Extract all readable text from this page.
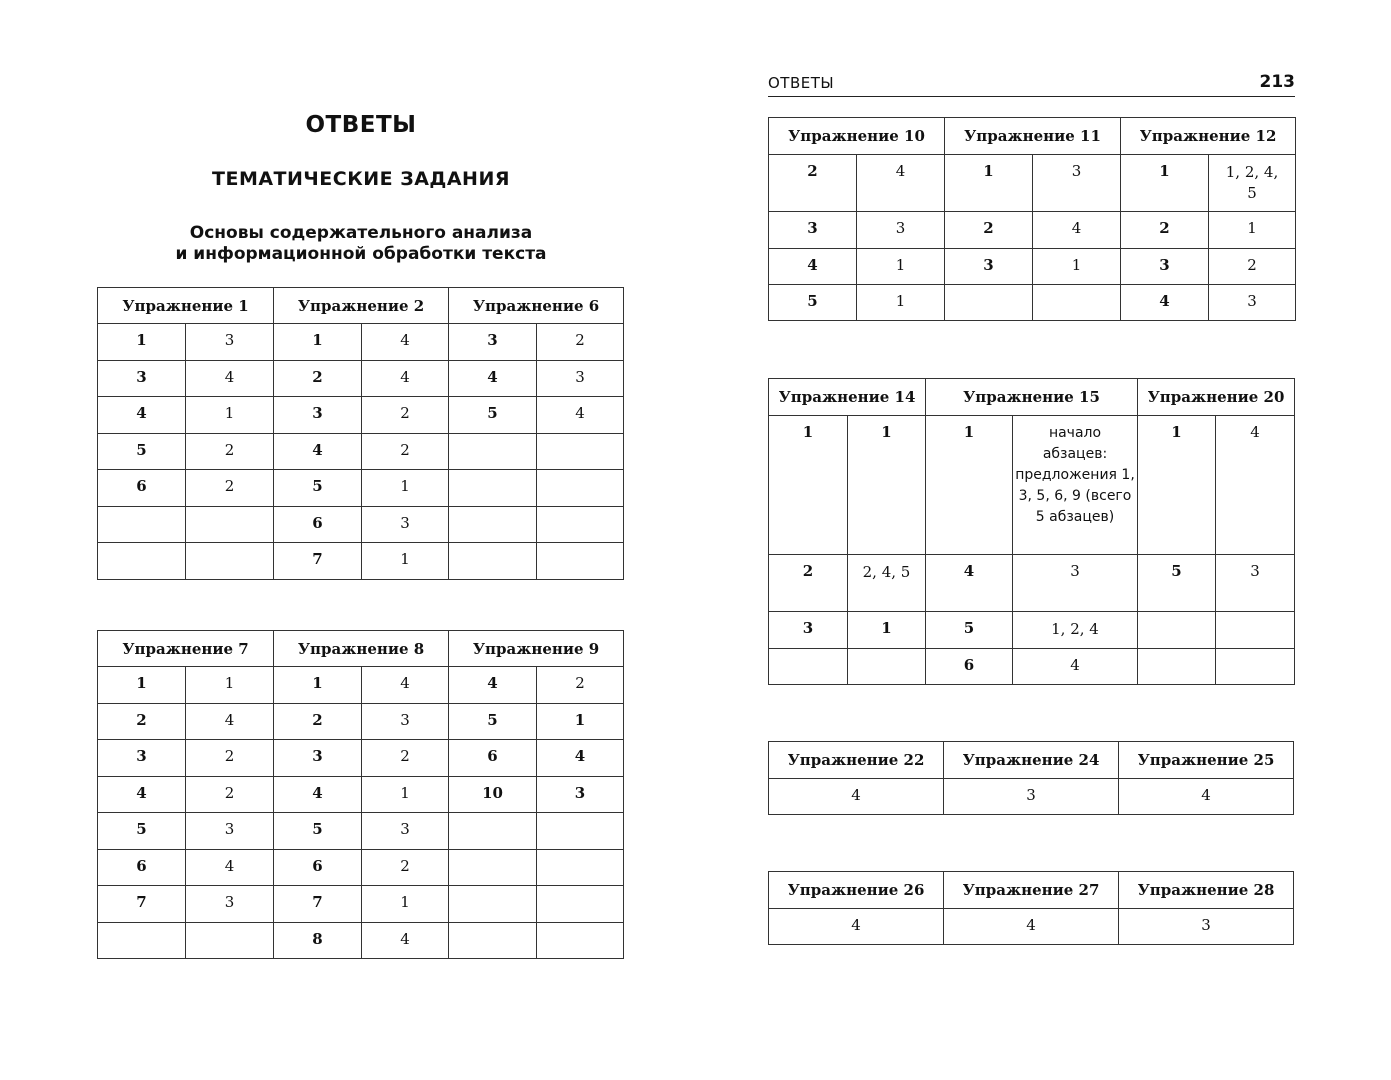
ОТВЕТЫ
ТЕМАТИЧЕСКИЕ ЗАДАНИЯ
Основы содержательного анализа
и информационной обработки текста
Упражнение 1		Упражнение 2		Упражнение 6	
1	3	1	4	3	2
3	4	2	4	4	3
4	1	3	2	5	4
5	2	4	2		
6	2	5	1		
		6	3		
		7	1		
Упражнение 7		Упражнение 8		Упражнение 9	
1	1	1	4	4	2
2	4	2	3	5	1
3	2	3	2	6	4
4	2	4	1	10	3
5	3	5	3		
6	4	6	2		
7	3	7	1		
		8	4		
ОТВЕТЫ	213
Упражнение 10		Упражнение 11		Упражнение 12	
2	4	1	3	1	1, 2, 4, 5
3	3	2	4	2	1
4	1	3	1	3	2
5	1			4	3
Упражнение 14		Упражнение 15		Упражнение 20	
1	1	1	начало абзацев: предложения 1, 3, 5, 6, 9 (всего 5 абзацев)	1	4
2	2, 4, 5	4	3	5	3
3	1	5	1, 2, 4		
		6	4		
Упражнение 22	Упражнение 24	Упражнение 25
4	3	4
Упражнение 26	Упражнение 27	Упражнение 28
4	4	3
